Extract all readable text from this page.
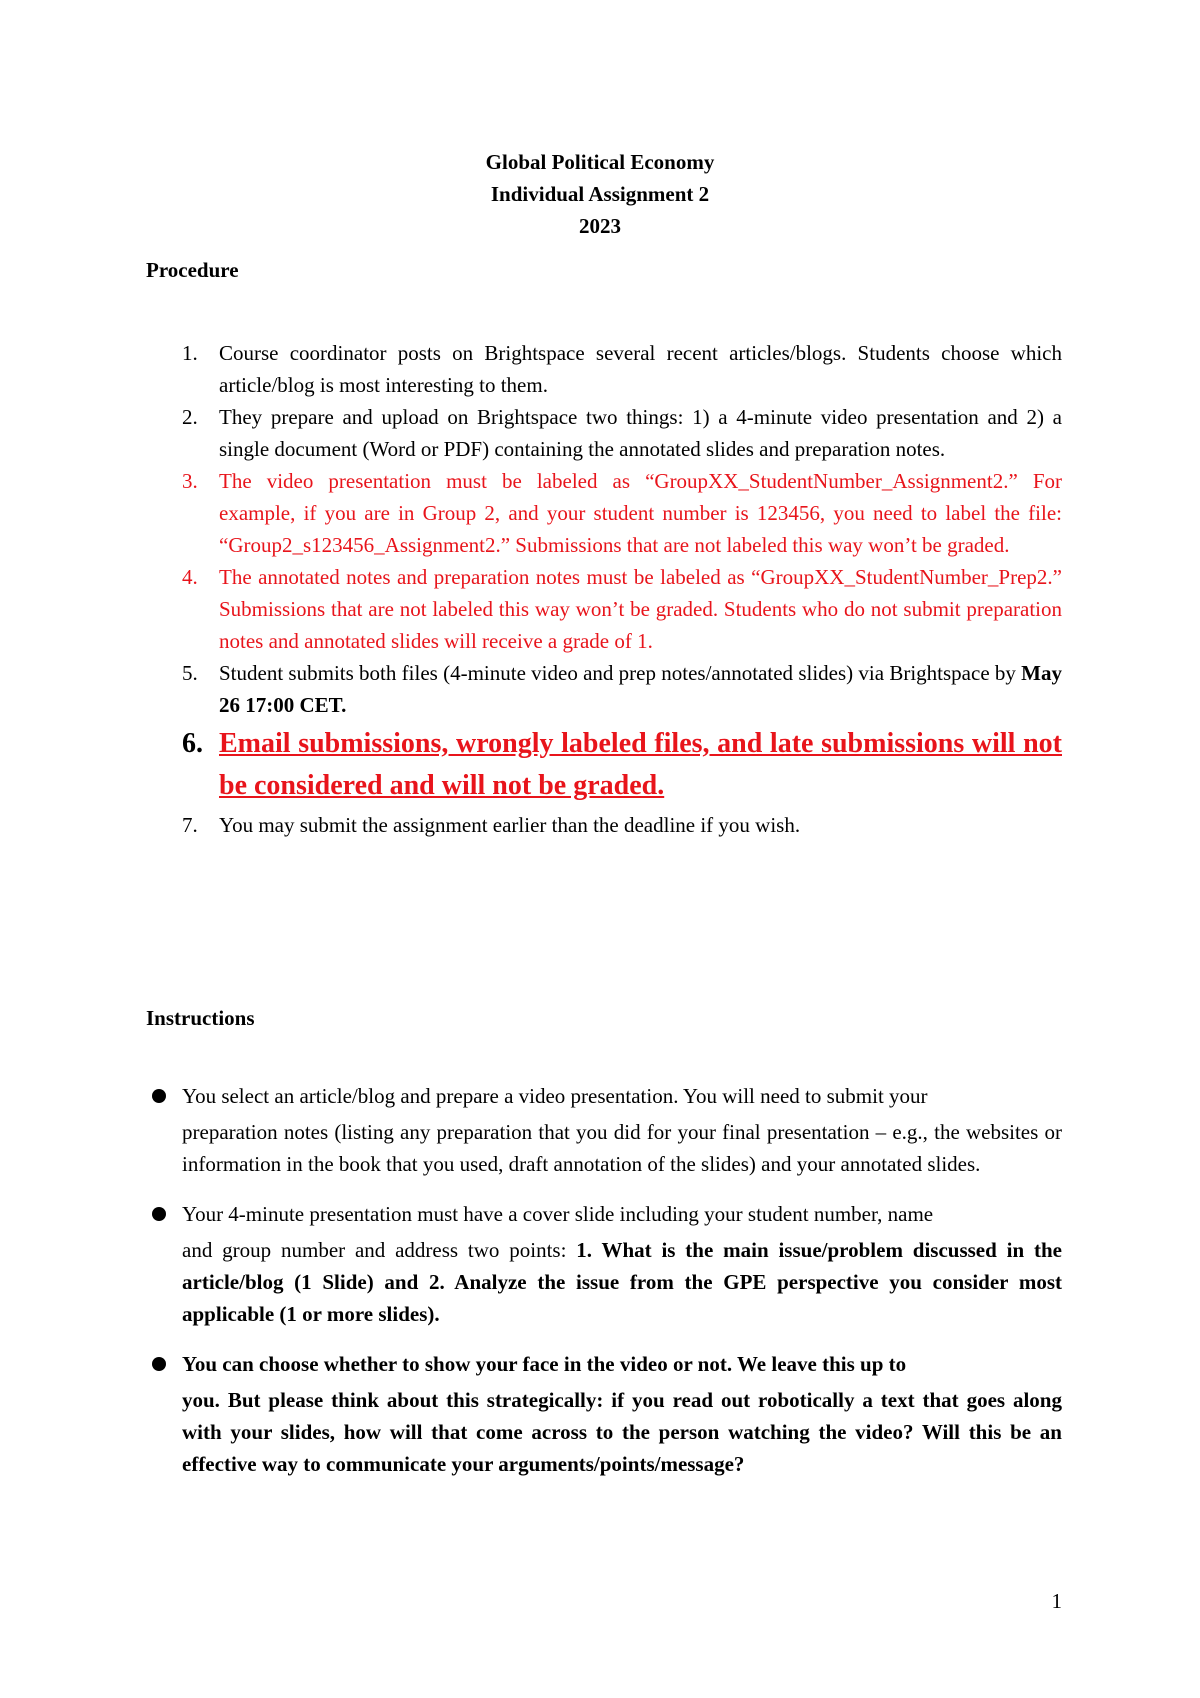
Global Political Economy
Individual Assignment 2
2023
Procedure
1. Course coordinator posts on Brightspace several recent articles/blogs. Students choose which article/blog is most interesting to them.
2. They prepare and upload on Brightspace two things: 1) a 4-minute video presentation and 2) a single document (Word or PDF) containing the annotated slides and preparation notes.
3. The video presentation must be labeled as “GroupXX_StudentNumber_Assignment2.” For example, if you are in Group 2, and your student number is 123456, you need to label the file: “Group2_s123456_Assignment2.” Submissions that are not labeled this way won’t be graded.
4. The annotated notes and preparation notes must be labeled as “GroupXX_StudentNumber_Prep2.” Submissions that are not labeled this way won’t be graded. Students who do not submit preparation notes and annotated slides will receive a grade of 1.
5. Student submits both files (4-minute video and prep notes/annotated slides) via Brightspace by May 26 17:00 CET.
6. Email submissions, wrongly labeled files, and late submissions will not be considered and will not be graded.
7. You may submit the assignment earlier than the deadline if you wish.
Instructions
You select an article/blog and prepare a video presentation. You will need to submit your
preparation notes (listing any preparation that you did for your final presentation – e.g., the websites or information in the book that you used, draft annotation of the slides) and your annotated slides.
Your 4-minute presentation must have a cover slide including your student number, name
and group number and address two points: 1. What is the main issue/problem discussed in the article/blog (1 Slide) and 2. Analyze the issue from the GPE perspective you consider most applicable (1 or more slides).
You can choose whether to show your face in the video or not. We leave this up to
you. But please think about this strategically: if you read out robotically a text that goes along with your slides, how will that come across to the person watching the video? Will this be an effective way to communicate your arguments/points/message?
1
